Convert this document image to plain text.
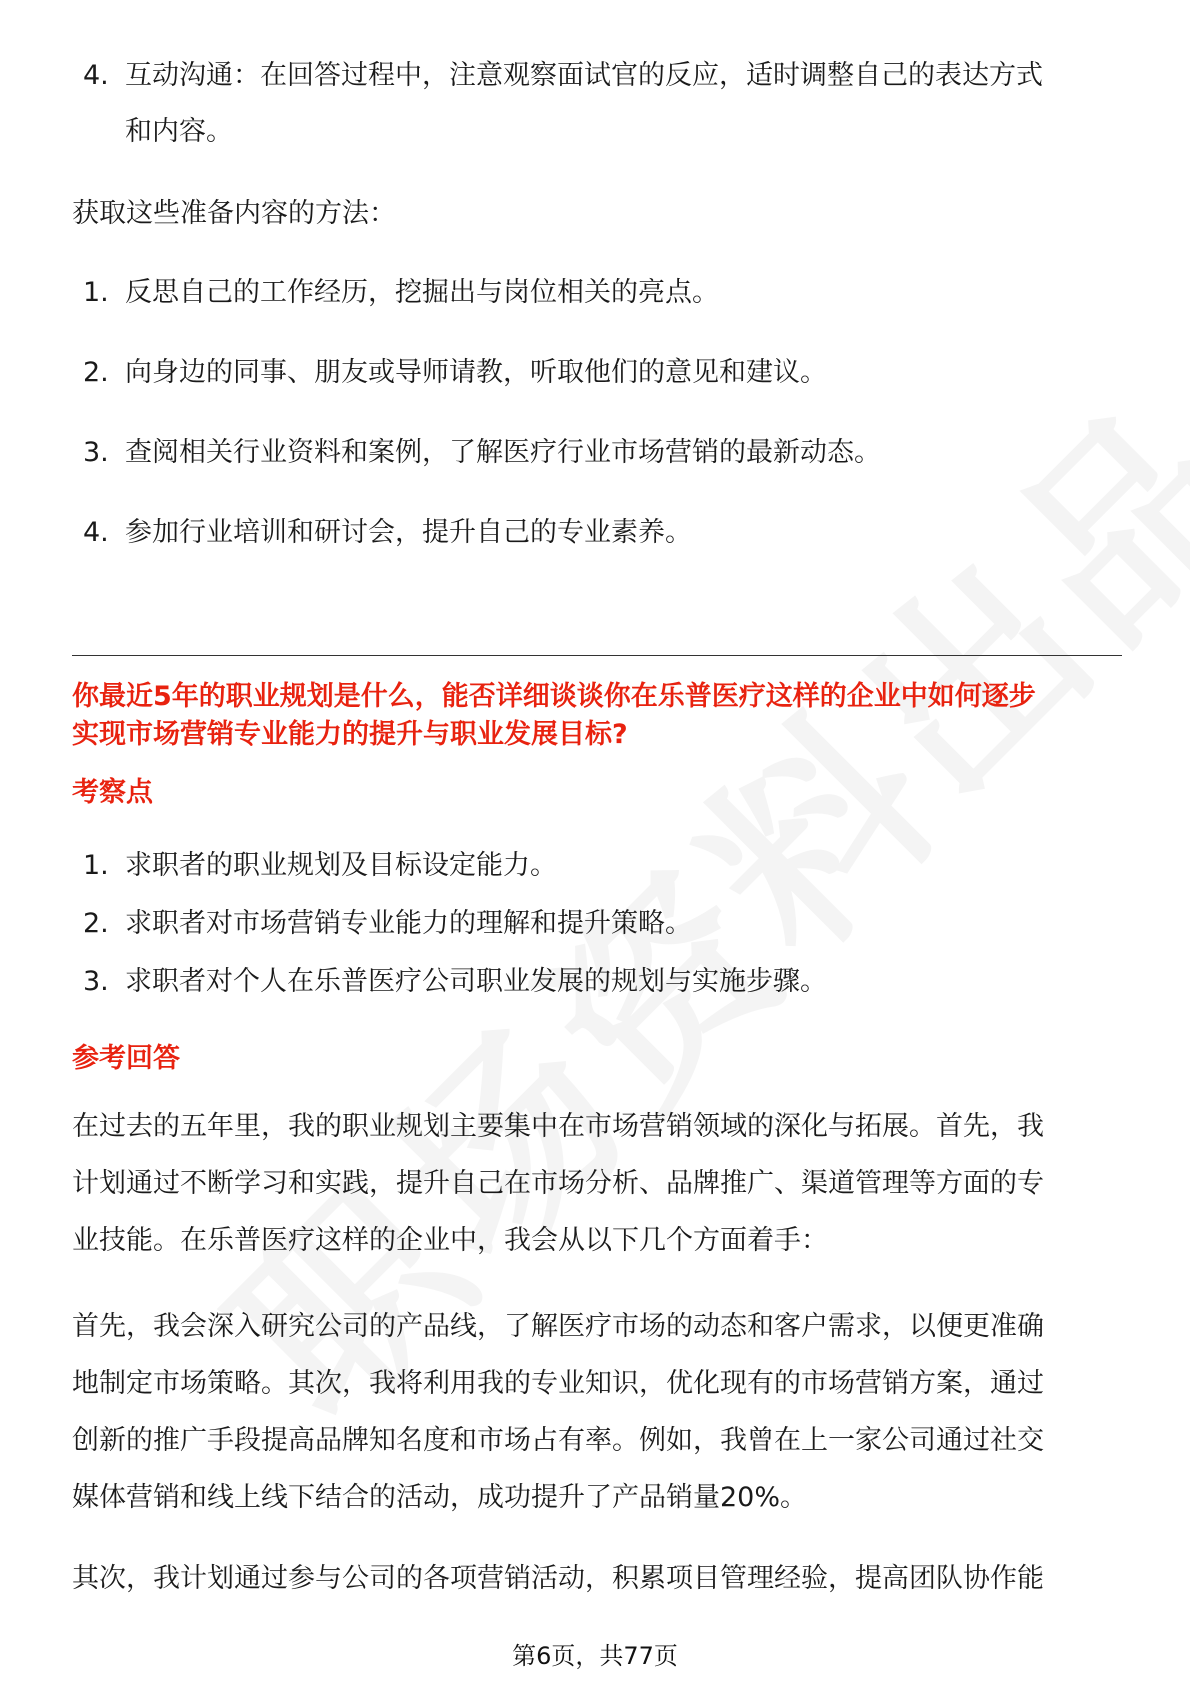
4. 互动沟通：在回答过程中，注意观察面试官的反应，适时调整自己的表达方式
和内容。
获取这些准备内容的方法：
1. 反思自己的工作经历，挖掘出与岗位相关的亮点。
2. 向身边的同事、朋友或导师请教，听取他们的意见和建议。
3. 查阅相关行业资料和案例，了解医疗行业市场营销的最新动态。
4. 参加行业培训和研讨会，提升自己的专业素养。
你最近5年的职业规划是什么，能否详细谈谈你在乐普医疗这样的企业中如何逐步
实现市场营销专业能力的提升与职业发展目标?
考察点
1. 求职者的职业规划及目标设定能力。
2. 求职者对市场营销专业能力的理解和提升策略。
3. 求职者对个人在乐普医疗公司职业发展的规划与实施步骤。
参考回答
在过去的五年里，我的职业规划主要集中在市场营销领域的深化与拓展。首先，我
计划通过不断学习和实践，提升自己在市场分析、品牌推广、渠道管理等方面的专
业技能。在乐普医疗这样的企业中，我会从以下几个方面着手：
首先，我会深入研究公司的产品线，了解医疗市场的动态和客户需求，以便更准确
地制定市场策略。其次，我将利用我的专业知识，优化现有的市场营销方案，通过
创新的推广手段提高品牌知名度和市场占有率。例如，我曾在上一家公司通过社交
媒体营销和线上线下结合的活动，成功提升了产品销量20%。
其次，我计划通过参与公司的各项营销活动，积累项目管理经验，提高团队协作能
第6页，共77页
